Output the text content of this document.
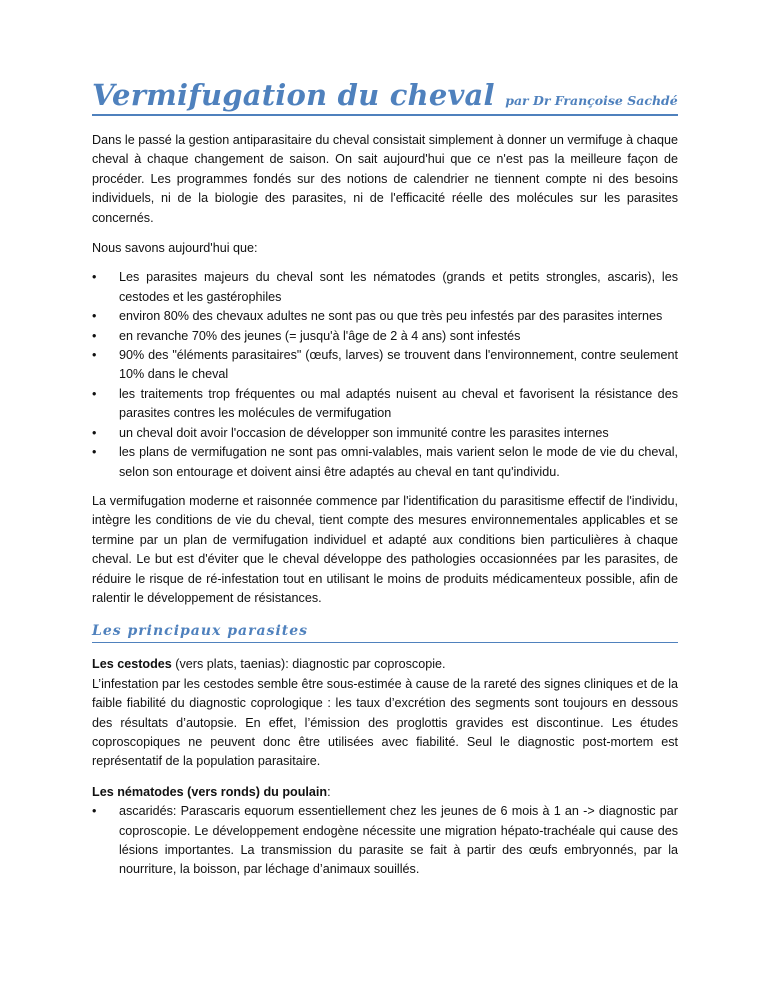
Vermifugation du cheval par Dr Françoise Sachdé

Dans le passé la gestion antiparasitaire du cheval consistait simplement à donner un vermifuge à chaque cheval à chaque changement de saison. On sait aujourd'hui que ce n'est pas la meilleure façon de procéder. Les programmes fondés sur des notions de calendrier ne tiennent compte ni des besoins individuels, ni de la biologie des parasites, ni de l'efficacité réelle des molécules sur les parasites concernés.

Nous savons aujourd'hui que:

•	Les parasites majeurs du cheval sont les nématodes (grands et petits strongles, ascaris), les cestodes et les gastérophiles
•	environ 80% des chevaux adultes ne sont pas ou que très peu infestés par des parasites internes
•	en revanche 70% des jeunes (= jusqu'à l'âge de 2 à 4 ans) sont infestés
•	90% des "éléments parasitaires" (œufs, larves) se trouvent dans l'environnement, contre seulement 10% dans le cheval
•	les traitements trop fréquentes ou mal adaptés nuisent au cheval et favorisent la résistance des parasites contres les molécules de vermifugation
•	un cheval doit avoir l'occasion de développer son immunité contre les parasites internes
•	les plans de vermifugation ne sont pas omni-valables, mais varient selon le mode de vie du cheval, selon son entourage et doivent ainsi être adaptés au cheval en tant qu'individu.

La vermifugation moderne et raisonnée commence par l'identification du parasitisme effectif de l'individu, intègre les conditions de vie du cheval, tient compte des mesures environnementales applicables et se termine par un plan de vermifugation individuel et adapté aux conditions bien particulières à chaque cheval. Le but est d'éviter que le cheval développe des pathologies occasionnées par les parasites, de réduire le risque de ré-infestation tout en utilisant le moins de produits médicamenteux possible, afin de ralentir le développement de résistances.

Les principaux parasites

Les cestodes (vers plats, taenias): diagnostic par coproscopie.

L’infestation par les cestodes semble être sous-estimée à cause de la rareté des signes cliniques et de la faible fiabilité du diagnostic coprologique : les taux d’excrétion des segments sont toujours en dessous des résultats d’autopsie. En effet, l’émission des proglottis gravides est discontinue. Les études coproscopiques ne peuvent donc être utilisées avec fiabilité. Seul le diagnostic post-mortem est représentatif de la population parasitaire.

Les nématodes (vers ronds) du poulain:

•	ascaridés: Parascaris equorum essentiellement chez les jeunes de 6 mois à 1 an -> diagnostic par coproscopie. Le développement endogène nécessite une migration hépato-trachéale qui cause des lésions importantes. La transmission du parasite se fait à partir des œufs embryonnés, par la nourriture, la boisson, par léchage d’animaux souillés.
